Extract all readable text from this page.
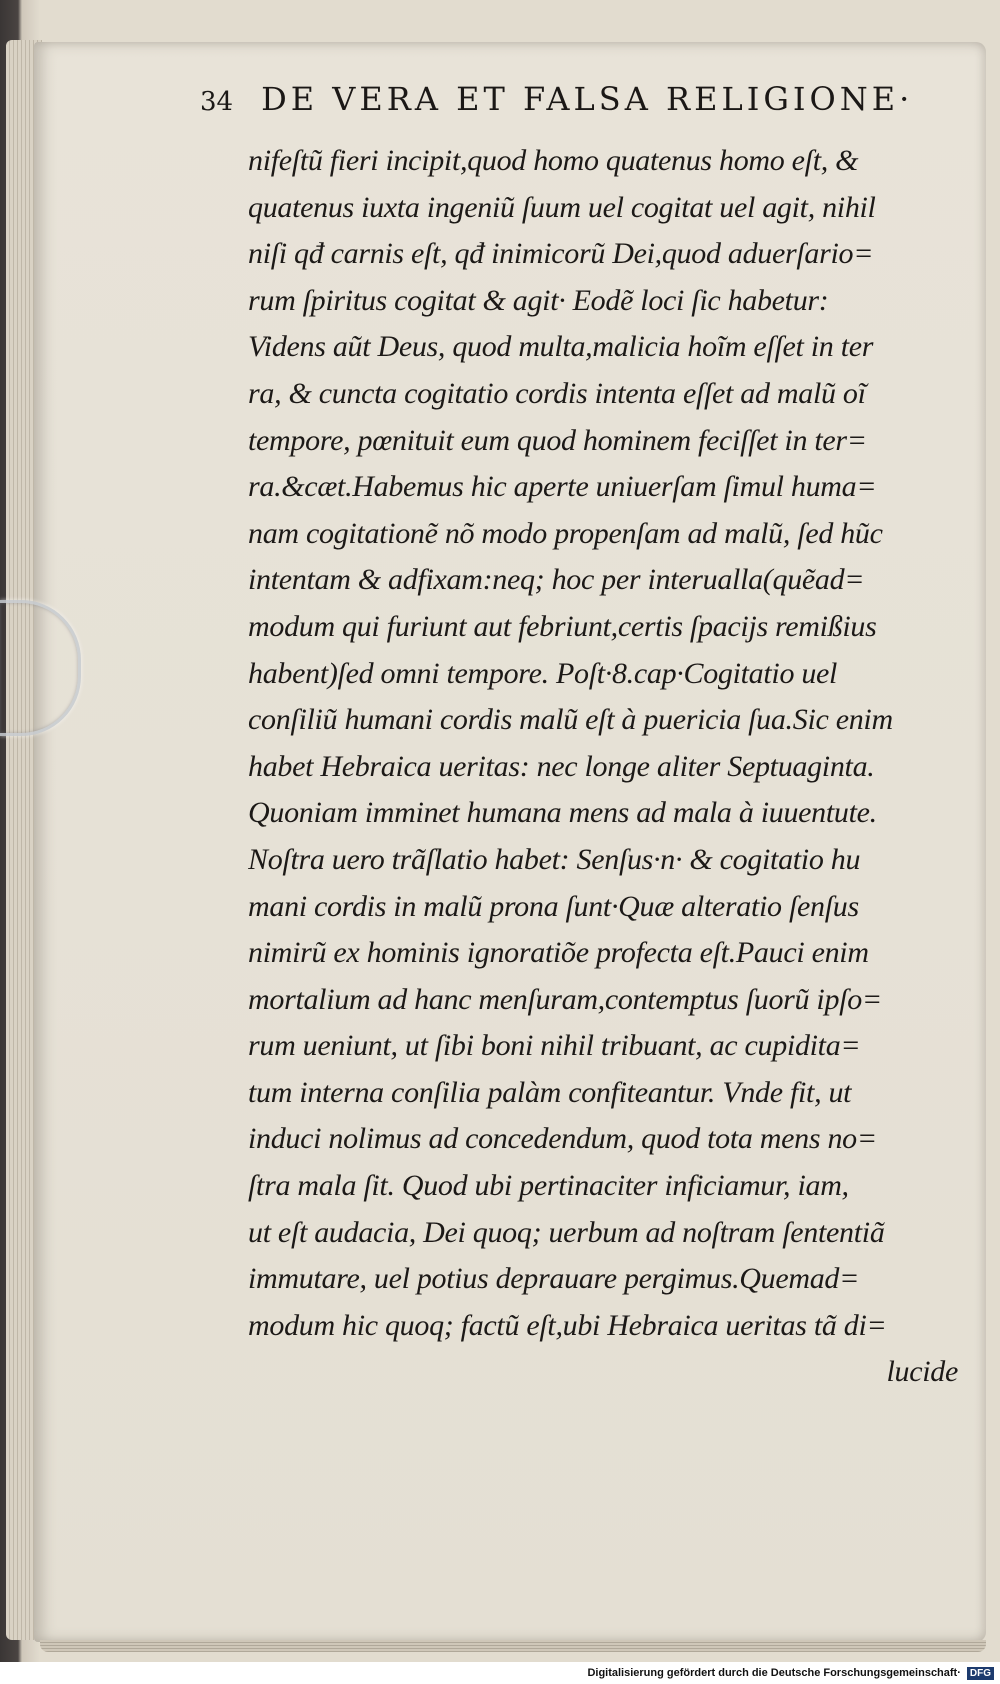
34 DE VERA ET FALSA RELIGIONE·
nifeſtũ fieri incipit,quod homo quatenus homo eſt, &
quatenus iuxta ingeniũ ſuum uel cogitat uel agit, nihil
niſi qđ carnis eſt, qđ inimicorũ Dei,quod aduerſario=
rum ſpiritus cogitat & agit· Eodẽ loci ſic habetur:
Videns aũt Deus, quod multa,malicia hoĩm eſſet in ter
ra, & cuncta cogitatio cordis intenta eſſet ad malũ oĩ
tempore, pœnituit eum quod hominem feciſſet in ter=
ra.&cæt.Habemus hic aperte uniuerſam ſimul huma=
nam cogitationẽ nõ modo propenſam ad malũ, ſed hũc
intentam & adfixam:neq; hoc per interualla(quẽad=
modum qui furiunt aut febriunt,certis ſpacijs remißius
habent)ſed omni tempore. Poſt·8.cap·Cogitatio uel
conſiliũ humani cordis malũ eſt à puericia ſua.Sic enim
habet Hebraica ueritas: nec longe aliter Septuaginta.
Quoniam imminet humana mens ad mala à iuuentute.
Noſtra uero trãſlatio habet: Senſus·n· & cogitatio hu
mani cordis in malũ prona ſunt·Quæ alteratio ſenſus
nimirũ ex hominis ignoratiõe profecta eſt.Pauci enim
mortalium ad hanc menſuram,contemptus ſuorũ ipſo=
rum ueniunt, ut ſibi boni nihil tribuant, ac cupidita=
tum interna conſilia palàm confiteantur. Vnde fit, ut
induci nolimus ad concedendum, quod tota mens no=
ſtra mala ſit. Quod ubi pertinaciter inficiamur, iam,
ut eſt audacia, Dei quoq; uerbum ad noſtram ſententiã
immutare, uel potius deprauare pergimus.Quemad=
modum hic quoq; factũ eſt,ubi Hebraica ueritas tã di=
lucide
Digitalisierung gefördert durch die Deutsche Forschungsgemeinschaft· DFG
